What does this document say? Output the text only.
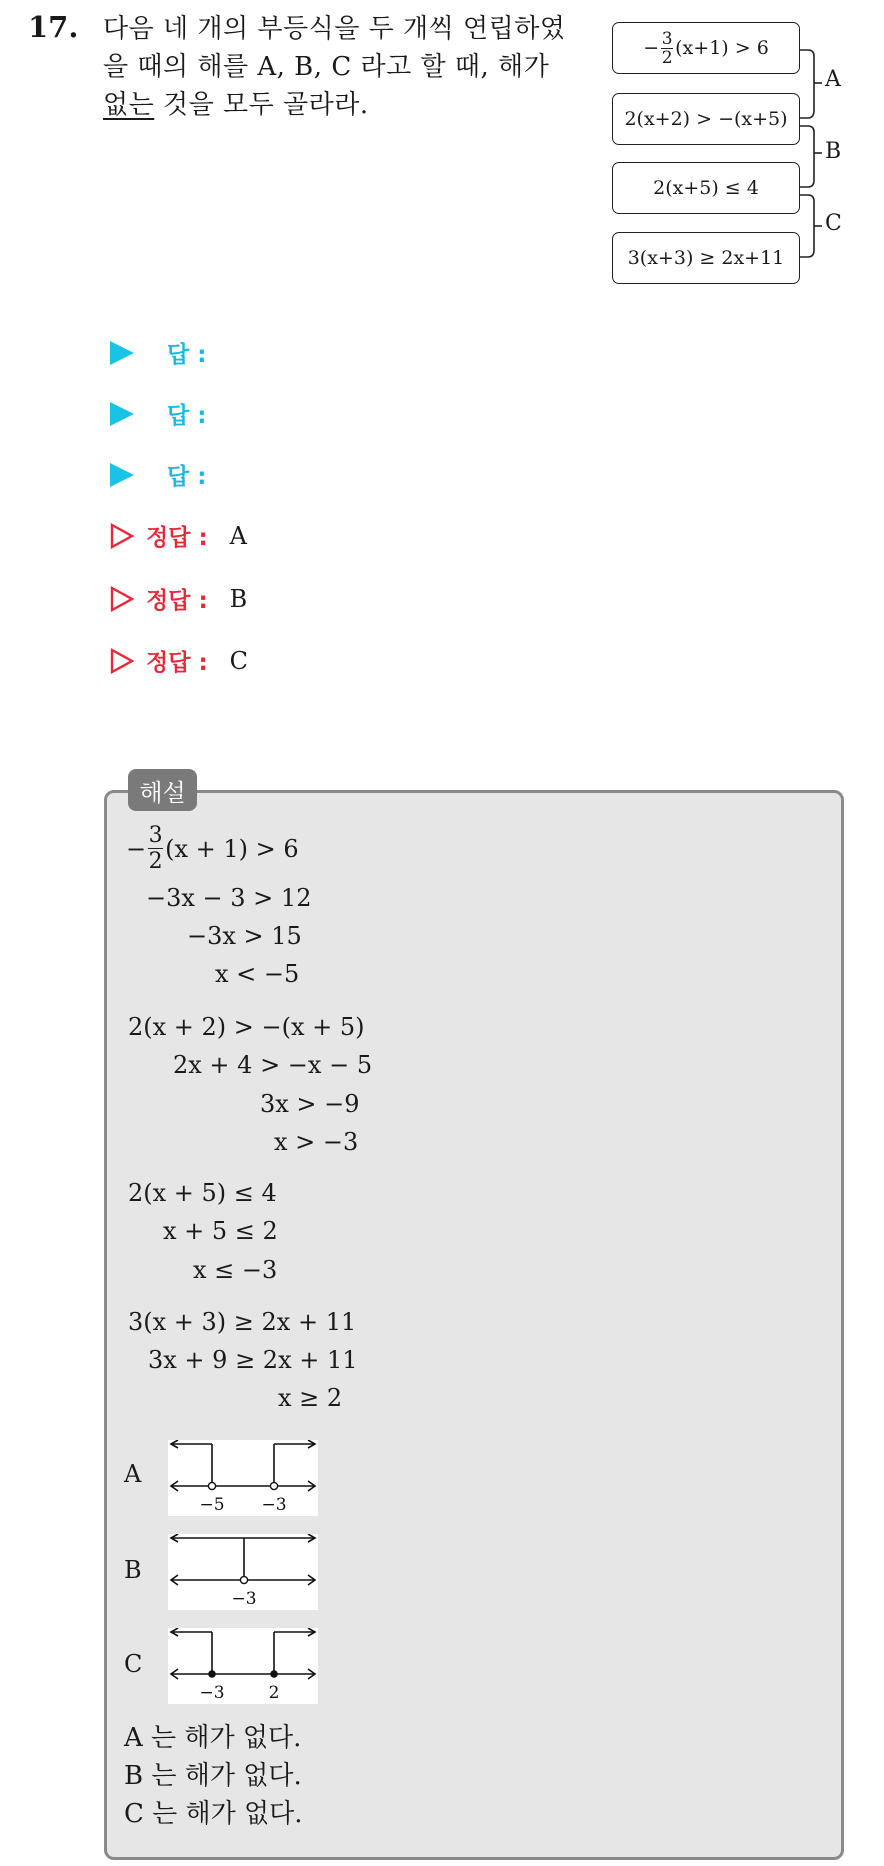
17. 다음 네 개의 부등식을 두 개씩 연립하였을 때의 해를 A, B, C 라고 할 때, 해가 없는 것을 모두 골라라.
− $\frac{3}{2} (x+1) > 6$
2(x+2) > −(x+5)
2(x+5) ≤ 4
3(x+3) ≥ 2x+11
A
B
C
답 :
답 :
답 :
정답 : A
정답 : B
정답 : C
해설
− $\frac{3}{2} (x + 1) > 6$
−3x − 3 > 12
−3x > 15
x < −5
2(x + 2) > −(x + 5)
2x + 4 > −x − 5
3x > −9
x > −3
2(x + 5) ≤ 4
x + 5 ≤ 2
x ≤ −3
3(x + 3) ≥ 2x + 11
3x + 9 ≥ 2x + 11
x ≥ 2
A
−5 −3
B
−3
C
−3	2
A 는 해가 없다.
B 는 해가 없다.
C 는 해가 없다.
